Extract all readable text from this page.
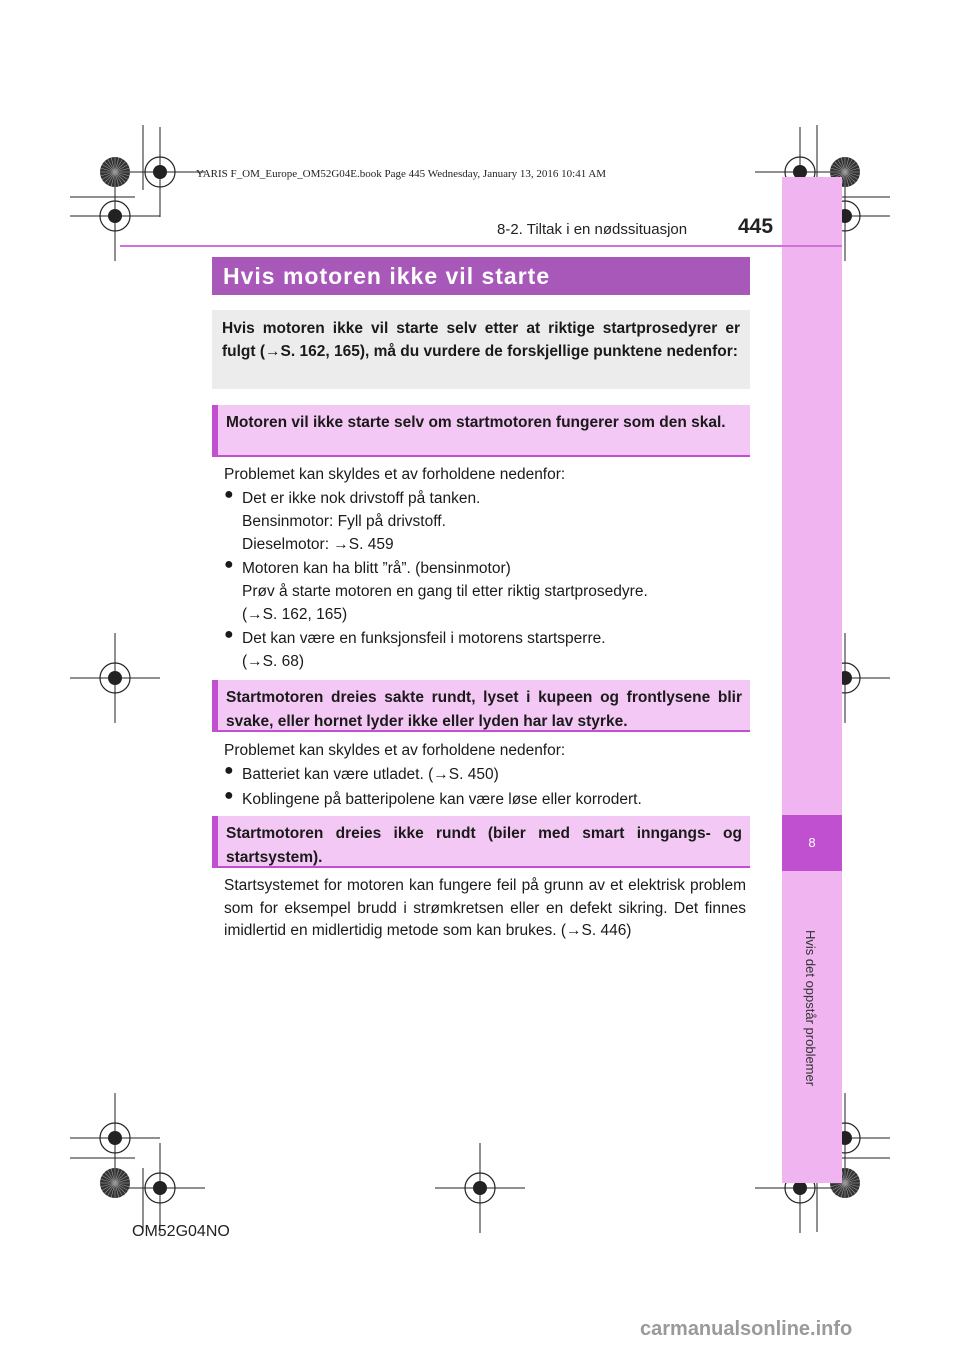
8
Hvis det oppstår problemer
YARIS F_OM_Europe_OM52G04E.book Page 445 Wednesday, January 13, 2016 10:41 AM
8-2. Tiltak i en nødssituasjon 445
Hvis motoren ikke vil starte
Hvis motoren ikke vil starte selv etter at riktige startprosedyrer er fulgt (→S. 162, 165), må du vurdere de forskjellige punktene nedenfor:
Motoren vil ikke starte selv om startmotoren fungerer som den skal.
Problemet kan skyldes et av forholdene nedenfor:
● Det er ikke nok drivstoff på tanken.
Bensinmotor: Fyll på drivstoff.
Dieselmotor: →S. 459
● Motoren kan ha blitt ”rå”. (bensinmotor)
Prøv å starte motoren en gang til etter riktig startprosedyre.
(→S. 162, 165)
● Det kan være en funksjonsfeil i motorens startsperre.
(→S. 68)
Startmotoren dreies sakte rundt, lyset i kupeen og frontlysene blir svake, eller hornet lyder ikke eller lyden har lav styrke.
Problemet kan skyldes et av forholdene nedenfor:
● Batteriet kan være utladet. (→S. 450)
● Koblingene på batteripolene kan være løse eller korrodert.
Startmotoren dreies ikke rundt (biler med smart inngangs- og startsystem).
Startsystemet for motoren kan fungere feil på grunn av et elektrisk problem som for eksempel brudd i strømkretsen eller en defekt sikring. Det finnes imidlertid en midlertidig metode som kan brukes. (→S. 446)
OM52G04NO
carmanualsonline.info
